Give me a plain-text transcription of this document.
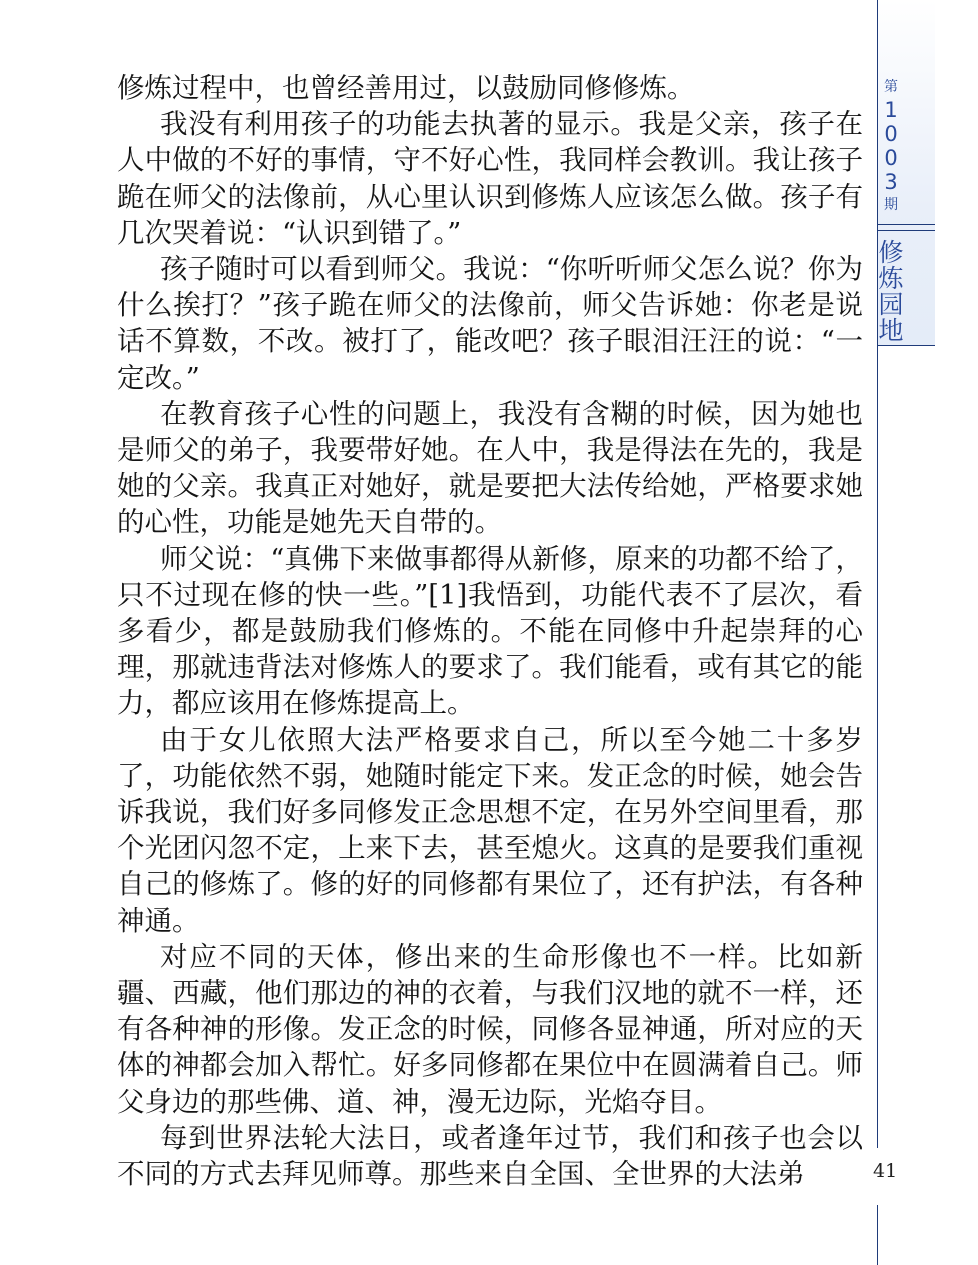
修炼过程中，也曾经善用过，以鼓励同修修炼。

我没有利用孩子的功能去执著的显示。我是父亲，孩子在人中做的不好的事情，守不好心性，我同样会教训。我让孩子跪在师父的法像前，从心里认识到修炼人应该怎么做。孩子有几次哭着说：“认识到错了。”

孩子随时可以看到师父。我说：“你听听师父怎么说？你为什么挨打？”孩子跪在师父的法像前，师父告诉她：你老是说话不算数，不改。被打了，能改吧？孩子眼泪汪汪的说：“一定改。”

在教育孩子心性的问题上，我没有含糊的时候，因为她也是师父的弟子，我要带好她。在人中，我是得法在先的，我是她的父亲。我真正对她好，就是要把大法传给她，严格要求她的心性，功能是她先天自带的。

师父说：“真佛下来做事都得从新修，原来的功都不给了，只不过现在修的快一些。”[1]我悟到，功能代表不了层次，看多看少，都是鼓励我们修炼的。不能在同修中升起崇拜的心理，那就违背法对修炼人的要求了。我们能看，或有其它的能力，都应该用在修炼提高上。

由于女儿依照大法严格要求自己，所以至今她二十多岁了，功能依然不弱，她随时能定下来。发正念的时候，她会告诉我说，我们好多同修发正念思想不定，在另外空间里看，那个光团闪忽不定，上来下去，甚至熄火。这真的是要我们重视自己的修炼了。修的好的同修都有果位了，还有护法，有各种神通。

对应不同的天体，修出来的生命形像也不一样。比如新疆、西藏，他们那边的神的衣着，与我们汉地的就不一样，还有各种神的形像。发正念的时候，同修各显神通，所对应的天体的神都会加入帮忙。好多同修都在果位中在圆满着自己。师父身边的那些佛、道、神，漫无边际，光焰夺目。

每到世界法轮大法日，或者逢年过节，我们和孩子也会以不同的方式去拜见师尊。那些来自全国、全世界的大法弟

第
1
0
0
3
期
修
炼
园
地
41
